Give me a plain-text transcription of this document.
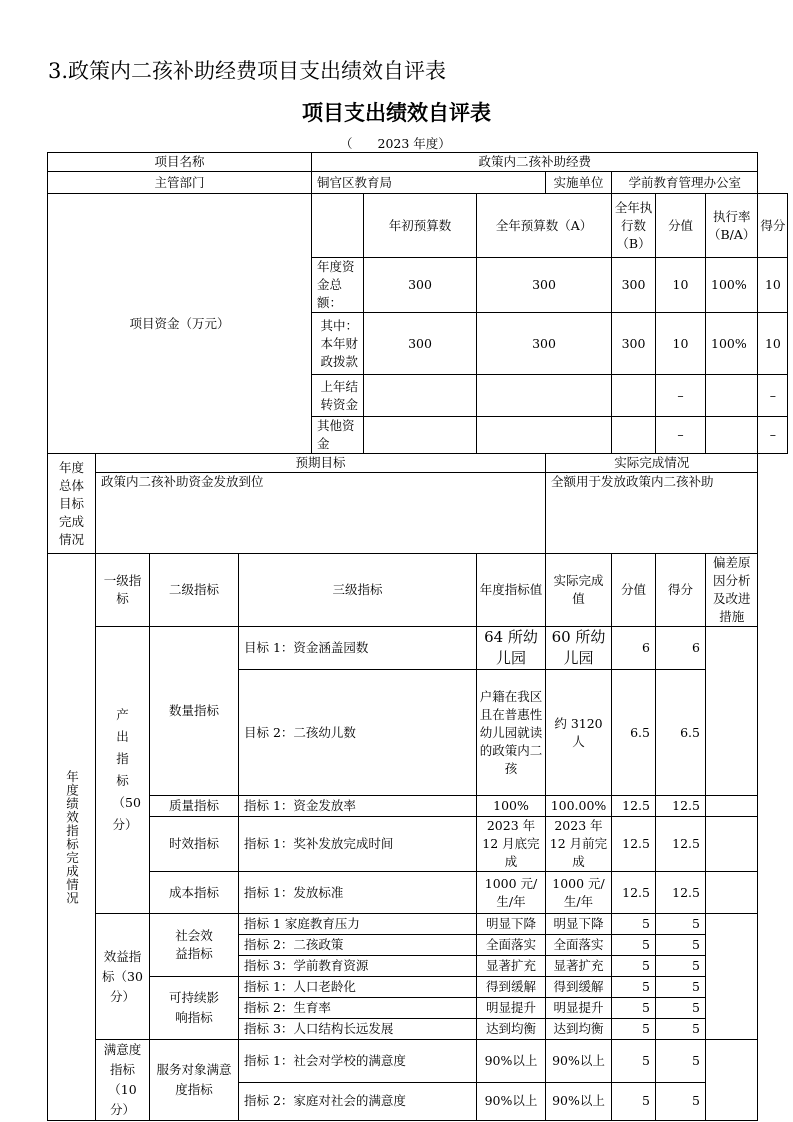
3.政策内二孩补助经费项目支出绩效自评表
项目支出绩效自评表
（　　2023 年度）
项目名称				政策内二孩补助经费							
主管部门				铜官区教育局			实施单位	学前教育管理办公室			
项目资金（万元）					年初预算数	全年预算数（A）		全年执行数（B）	分值	执行率（B/A）	得分
				年度资金总额：	300	300		300	10	100%	10
				其中：本年财政拨款	300	300		300	10	100%	10
				上年结转资金					–		–
				其他资金					–		–

年度总体目标完成情况	预期目标						实际完成情况				
	政策内二孩补助资金发放到位						全额用于发放政策内二孩补助				

年度绩效指标完成情况	一级指标	二级指标	三级指标			年度指标值	实际完成值	分值	得分	偏差原因分析及改进措施	

	产出指标（50分）	数量指标	目标 1：资金涵盖园数			64 所幼儿园	60 所幼儿园	6	6		
			目标 2：二孩幼儿数			户籍在我区且在普惠性幼儿园就读的政策内二孩	约 3120 人	6.5	6.5		
		质量指标	指标 1：资金发放率			100%	100.00%	12.5	12.5		
		时效指标	指标 1：奖补发放完成时间			2023 年 12 月底完成	2023 年 12 月前完成	12.5	12.5		
		成本指标	指标 1：发放标准			1000 元/生/年	1000 元/生/年	12.5	12.5		

	效益指标（30分）	社会效益指标	指标 1 家庭教育压力			明显下降	明显下降	5	5		
			指标 2：二孩政策			全面落实	全面落实	5	5		
			指标 3：学前教育资源			显著扩充	显著扩充	5	5		

		可持续影响指标	指标 1：人口老龄化			得到缓解	得到缓解	5	5		
			指标 2：生育率			明显提升	明显提升	5	5		
			指标 3：人口结构长远发展			达到均衡	达到均衡	5	5		

	满意度指标（10分）	服务对象满意度指标	指标 1：社会对学校的满意度			90%以上	90%以上	5	5		
			指标 2：家庭对社会的满意度			90%以上	90%以上	5	5		
